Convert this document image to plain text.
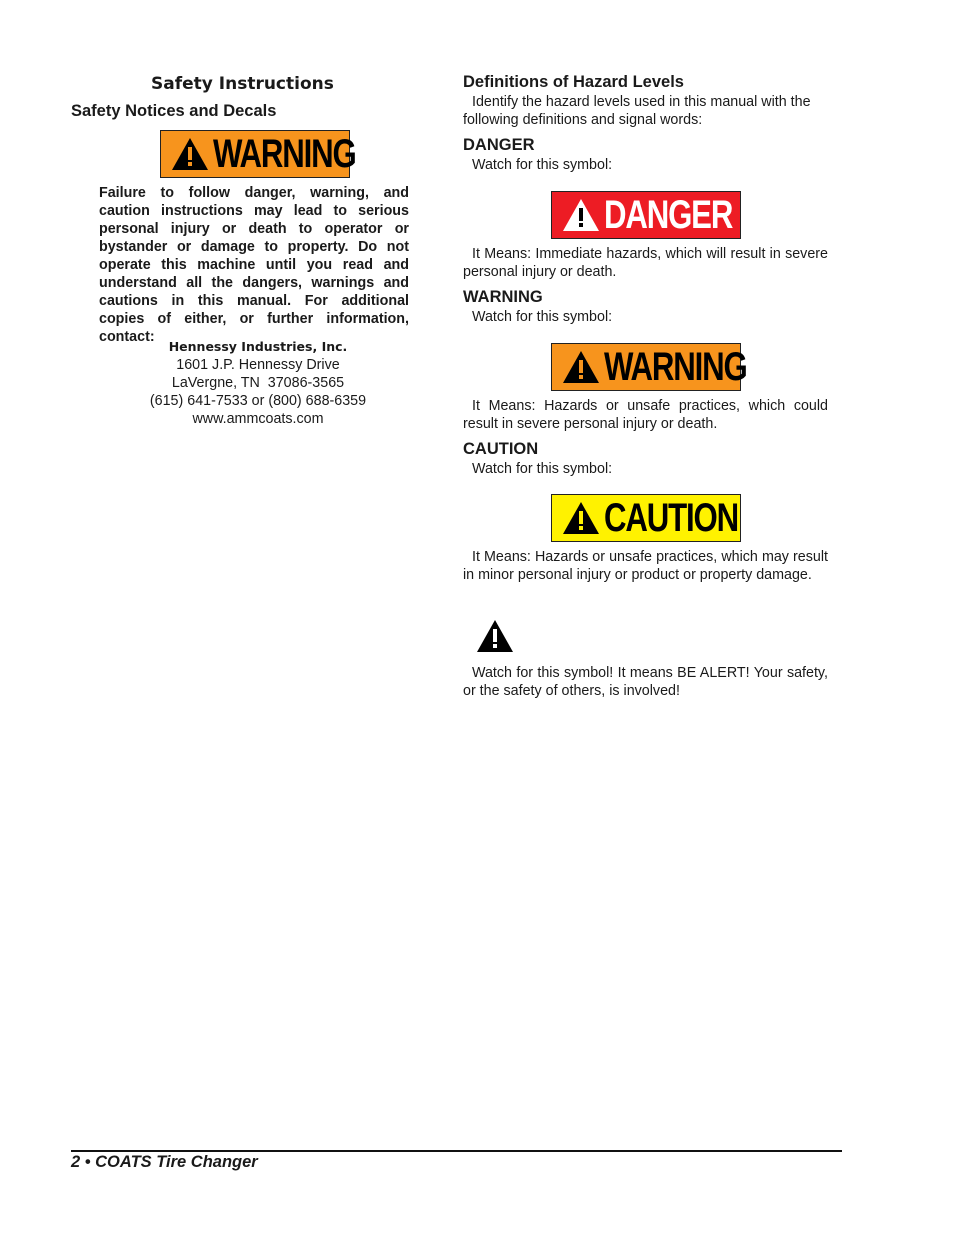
Safety Instructions
Safety Notices and Decals
WARNING
Failure to follow danger, warning, and caution instructions may lead to serious personal injury or death to operator or bystander or damage to property. Do not operate this machine until you read and understand all the dangers, warnings and cautions in this manual. For additional copies of either, or further information, contact:
Hennessy Industries, Inc.
1601 J.P. Hennessy Drive
LaVergne, TN  37086-3565
(615) 641-7533 or (800) 688-6359
www.ammcoats.com
Definitions of Hazard Levels
Identify the hazard levels used in this manual with the following definitions and signal words:
DANGER
Watch for this symbol:
DANGER
It Means: Immediate hazards, which will result in severe personal injury or death.
WARNING
Watch for this symbol:
WARNING
It Means: Hazards or unsafe practices, which could result in severe personal injury or death.
CAUTION
Watch for this symbol:
CAUTION
It Means: Hazards or unsafe practices, which may result in minor personal injury or product or property damage.
Watch for this symbol! It means BE ALERT! Your safety, or the safety of others, is involved!
2 • COATS Tire Changer
